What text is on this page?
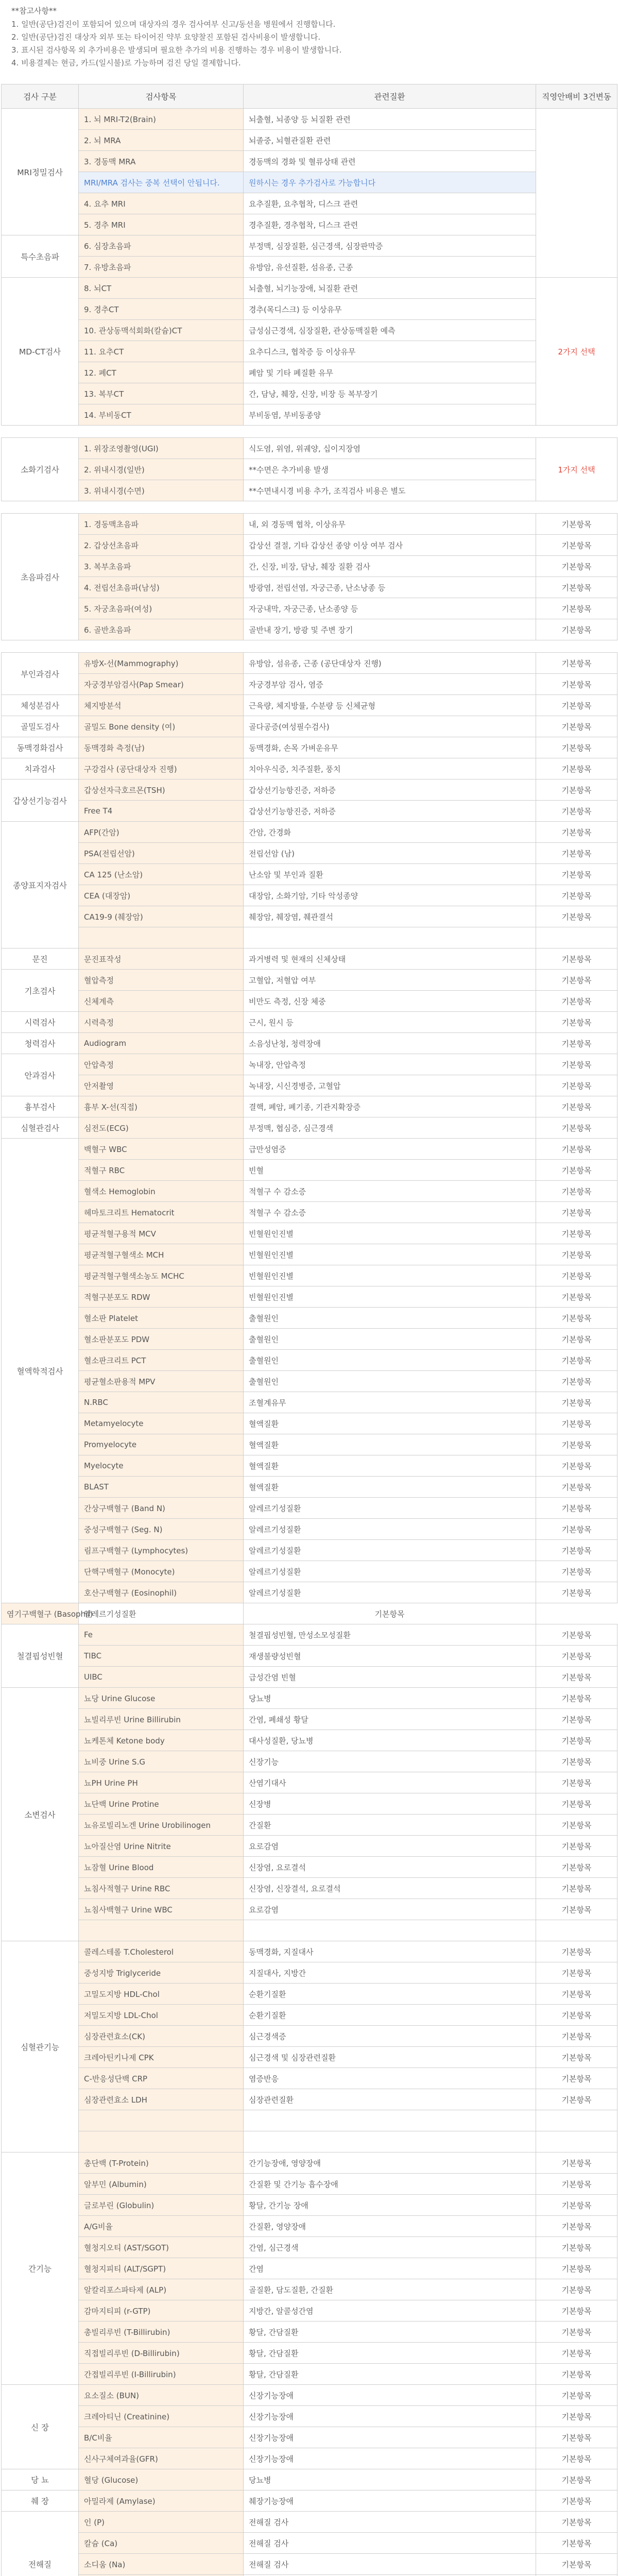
**참고사항**
1. 일반(공단)검진이 포함되어 있으며 대상자의 경우 검사여부 신고/동선을 병원에서 진행합니다.
2. 일반(공단)검진 대상자 외부 또는 타이어진 약부 요양찰진 포함된 검사비용이 발생합니다.
3. 표시된 검사항목 외 추가비용은 발생되며 필요한 추가의 비용 진행하는 경우 비용이 발생합니다.
4. 비용결제는 현금, 카드(일시불)로 가능하며 검진 당일 결제합니다.
검사 구분	검사항목	관련질환	직영안배비 3건변동
MRI정밀검사	1. 뇌 MRI-T2(Brain)	뇌출혈, 뇌종양 등 뇌질환 관련	
	2. 뇌 MRA	뇌졸중, 뇌혈관질환 관련	
	3. 경동맥 MRA	경동맥의 경화 및 혈류상태 관련	
	MRI/MRA 검사는 중복 선택이 안됩니다.	원하시는 경우 추가검사로 가능합니다	
	4. 요추 MRI	요추질환, 요추협착, 디스크 관련	
	5. 경추 MRI	경추질환, 경추협착, 디스크 관련	
특수초음파	6. 심장초음파	부정맥, 심장질환, 심근경색, 심장판막증	
	7. 유방초음파	유방암, 유선질환, 섬유종, 근종	
MD-CT검사	8. 뇌CT	뇌출혈, 뇌기능장애, 뇌질환 관련	2가지 선택
	9. 경추CT	경추(목디스크) 등 이상유무	
	10. 관상동맥석회화(칼슘)CT	급성심근경색, 심장질환, 관상동맥질환 예측	
	11. 요추CT	요추디스크, 협착증 등 이상유무	
	12. 폐CT	폐암 및 기타 폐질환 유무	
	13. 복부CT	간, 담낭, 췌장, 신장, 비장 등 복부장기	
	14. 부비동CT	부비동염, 부비동종양	

소화기검사	1. 위장조영촬영(UGI)	식도염, 위염, 위궤양, 십이지장염	1가지 선택
	2. 위내시경(일반)	**수면은 추가비용 발생	
	3. 위내시경(수면)	**수면내시경 비용 추가, 조직검사 비용은 별도	

초음파검사	1. 경동맥초음파	내, 외 경동맥 협착, 이상유무	기본항목
	2. 갑상선초음파	갑상선 결절, 기타 갑상선 종양 이상 여부 검사	기본항목
	3. 복부초음파	간, 신장, 비장, 담낭, 췌장 질환 검사	기본항목
	4. 전립선초음파(남성)	방광염, 전립선염, 자궁근종, 난소낭종 등	기본항목
	5. 자궁초음파(여성)	자궁내막, 자궁근종, 난소종양 등	기본항목
	6. 골반초음파	골반내 장기, 방광 및 주변 장기	기본항목

부인과검사	유방X-선(Mammography)	유방암, 섬유종, 근종 (공단대상자 진행)	기본항목
	자궁경부암검사(Pap Smear)	자궁경부암 검사, 염증	기본항목
체성분검사	체지방분석	근육량, 체지방률, 수분량 등 신체균형	기본항목
골밀도검사	골밀도 Bone density (여)	골다공증(여성필수검사)	기본항목
동맥경화검사	동맥경화 측정(남)	동맥경화, 손목 가벼운유무	기본항목
치과검사	구강검사 (공단대상자 진행)	치아우식증, 치주질환, 풍치	기본항목
갑상선기능검사	갑상선자극호르몬(TSH)	갑상선기능항진증, 저하증	기본항목
	Free T4	갑상선기능항진증, 저하증	기본항목
종양표지자검사	AFP(간암)	간암, 간경화	기본항목
	PSA(전립선암)	전립선암 (남)	기본항목
	CA 125 (난소암)	난소암 및 부인과 질환	기본항목
	CEA (대장암)	대장암, 소화기암, 기타 악성종양	기본항목
	CA19-9 (췌장암)	췌장암, 췌장염, 췌관결석	기본항목

문진	문진표작성	과거병력 및 현재의 신체상태	기본항목
기초검사	혈압측정	고혈압, 저혈압 여부	기본항목
	신체계측	비만도 측정, 신장 체중	기본항목
시력검사	시력측정	근시, 원시 등	기본항목
청력검사	Audiogram	소음성난청, 청력장애	기본항목
안과검사	안압측정	녹내장, 안압측정	기본항목
	안저촬영	녹내장, 시신경병증, 고혈압	기본항목
흉부검사	흉부 X-선(직접)	결핵, 폐암, 폐기종, 기관지확장증	기본항목
심혈관검사	심전도(ECG)	부정맥, 협심증, 심근경색	기본항목
혈액학적검사	백혈구 WBC	급만성염증	기본항목
	적혈구 RBC	빈혈	기본항목
	혈색소 Hemoglobin	적혈구 수 감소증	기본항목
	헤마토크리트 Hematocrit	적혈구 수 감소증	기본항목
	평균적혈구용적 MCV	빈혈원인진별	기본항목
	평균적혈구혈색소 MCH	빈혈원인진별	기본항목
	평균적혈구혈색소농도 MCHC	빈혈원인진별	기본항목
	적혈구분포도 RDW	빈혈원인진별	기본항목
	혈소판 Platelet	출혈원인	기본항목
	혈소판분포도 PDW	출혈원인	기본항목
	혈소판크리트 PCT	출혈원인	기본항목
	평균혈소판용적 MPV	출혈원인	기본항목
	N.RBC	조혈계유무	기본항목
	Metamyelocyte	혈액질환	기본항목
	Promyelocyte	혈액질환	기본항목
	Myelocyte	혈액질환	기본항목
	BLAST	혈액질환	기본항목
	간상구백혈구 (Band N)	알레르기성질환	기본항목
	중성구백혈구 (Seg. N)	알레르기성질환	기본항목
	림프구백혈구 (Lymphocytes)	알레르기성질환	기본항목
	단핵구백혈구 (Monocyte)	알레르기성질환	기본항목
	호산구백혈구 (Eosinophil)	알레르기성질환	기본항목
염기구백혈구 (Basophil)	알레르기성질환	기본항목	
철결핍성빈혈	Fe	철결핍성빈혈, 만성소모성질환	기본항목
	TIBC	재생불량성빈혈	기본항목
	UIBC	급성간염 빈혈	기본항목
소변검사	뇨당 Urine Glucose	당뇨병	기본항목
	뇨빌리루빈 Urine Billirubin	간염, 폐쇄성 황달	기본항목
	뇨케톤체 Ketone body	대사성질환, 당뇨병	기본항목
	뇨비중 Urine S.G	신장기능	기본항목
	뇨PH Urine PH	산염기대사	기본항목
	뇨단백 Urine Protine	신장병	기본항목
	뇨유로빌리노겐 Urine Urobilinogen	간질환	기본항목
	뇨아질산염 Urine Nitrite	요로감염	기본항목
	뇨잠혈 Urine Blood	신장염, 요로결석	기본항목
	뇨침사적혈구 Urine RBC	신장염, 신장결석, 요로결석	기본항목
	뇨침사백혈구 Urine WBC	요로감염	기본항목

심혈관기능	콜레스테롤 T.Cholesterol	동맥경화, 지질대사	기본항목
	중성지방 Triglyceride	지질대사, 지방간	기본항목
	고밀도지방 HDL-Chol	순환기질환	기본항목
	저밀도지방 LDL-Chol	순환기질환	기본항목
	심장관련효소(CK)	심근경색증	기본항목
	크레아틴키나제 CPK	심근경색 및 심장관련질환	기본항목
	C-반응성단백 CRP	염증반응	기본항목
	심장관련효소 LDH	심장관련질환	기본항목

간기능	총단백 (T-Protein)	간기능장애, 영양장애	기본항목
	알부민 (Albumin)	간질환 및 간기능 흡수장애	기본항목
	글로부린 (Globulin)	황달, 간기능 장애	기본항목
	A/G비율	간질환, 영양장애	기본항목
	혈청지오티 (AST/SGOT)	간염, 심근경색	기본항목
	혈청지피티 (ALT/SGPT)	간염	기본항목
	알칼리포스파타제 (ALP)	골질환, 담도질환, 간질환	기본항목
	감마지티피 (r-GTP)	지방간, 알콜성간염	기본항목
	총빌리루빈 (T-Billirubin)	황달, 간담질환	기본항목
	직접빌리루빈 (D-Billirubin)	황달, 간담질환	기본항목
	간접빌리루빈 (I-Billirubin)	황달, 간담질환	기본항목
신 장	요소질소 (BUN)	신장기능장애	기본항목
	크레아티닌 (Creatinine)	신장기능장애	기본항목
	B/C비율	신장기능장애	기본항목
	신사구체여과율(GFR)	신장기능장애	기본항목
당 뇨	혈당 (Glucose)	당뇨병	기본항목
췌 장	아밀라제 (Amylase)	췌장기능장애	기본항목
전해질	인 (P)	전해질 검사	기본항목
	칼슘 (Ca)	전해질 검사	기본항목
	소디움 (Na)	전해질 검사	기본항목
